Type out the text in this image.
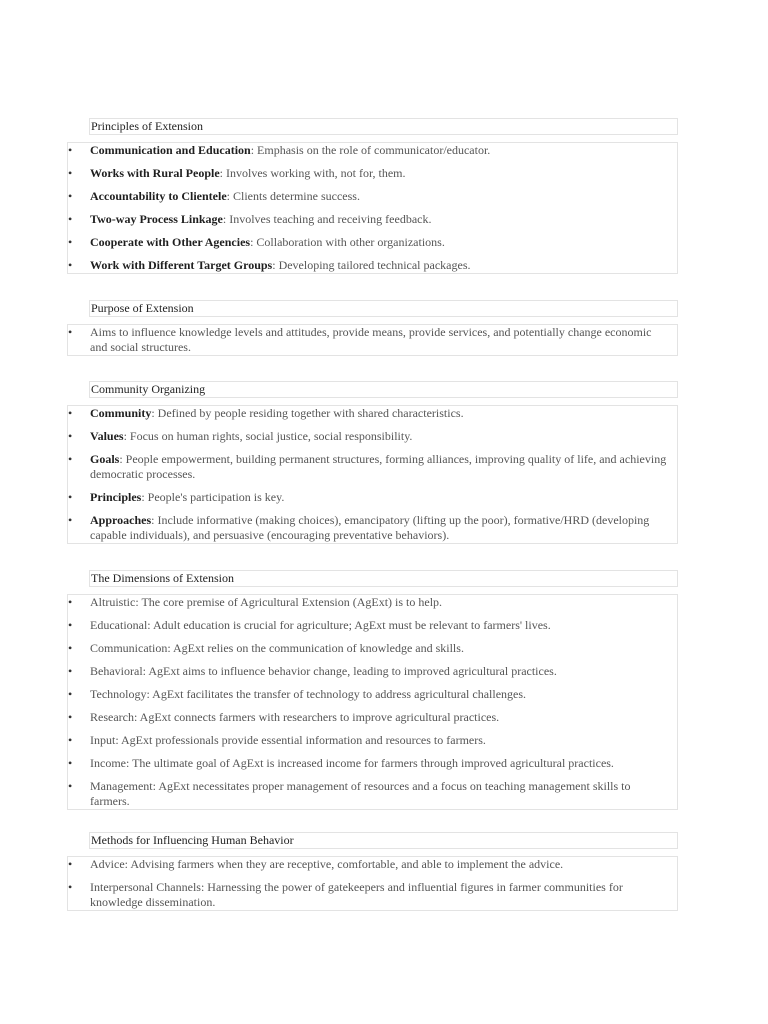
Principles of Extension
• Communication and Education: Emphasis on the role of communicator/educator.
• Works with Rural People: Involves working with, not for, them.
• Accountability to Clientele: Clients determine success.
• Two-way Process Linkage: Involves teaching and receiving feedback.
• Cooperate with Other Agencies: Collaboration with other organizations.
• Work with Different Target Groups: Developing tailored technical packages.
Purpose of Extension
• Aims to influence knowledge levels and attitudes, provide means, provide services, and potentially change economic and social structures.
Community Organizing
• Community: Defined by people residing together with shared characteristics.
• Values: Focus on human rights, social justice, social responsibility.
• Goals: People empowerment, building permanent structures, forming alliances, improving quality of life, and achieving democratic processes.
• Principles: People's participation is key.
• Approaches: Include informative (making choices), emancipatory (lifting up the poor), formative/HRD (developing capable individuals), and persuasive (encouraging preventative behaviors).
The Dimensions of Extension
• Altruistic: The core premise of Agricultural Extension (AgExt) is to help.
• Educational: Adult education is crucial for agriculture; AgExt must be relevant to farmers' lives.
• Communication: AgExt relies on the communication of knowledge and skills.
• Behavioral: AgExt aims to influence behavior change, leading to improved agricultural practices.
• Technology: AgExt facilitates the transfer of technology to address agricultural challenges.
• Research: AgExt connects farmers with researchers to improve agricultural practices.
• Input: AgExt professionals provide essential information and resources to farmers.
• Income: The ultimate goal of AgExt is increased income for farmers through improved agricultural practices.
• Management: AgExt necessitates proper management of resources and a focus on teaching management skills to farmers.
Methods for Influencing Human Behavior
• Advice: Advising farmers when they are receptive, comfortable, and able to implement the advice.
• Interpersonal Channels: Harnessing the power of gatekeepers and influential figures in farmer communities for knowledge dissemination.
